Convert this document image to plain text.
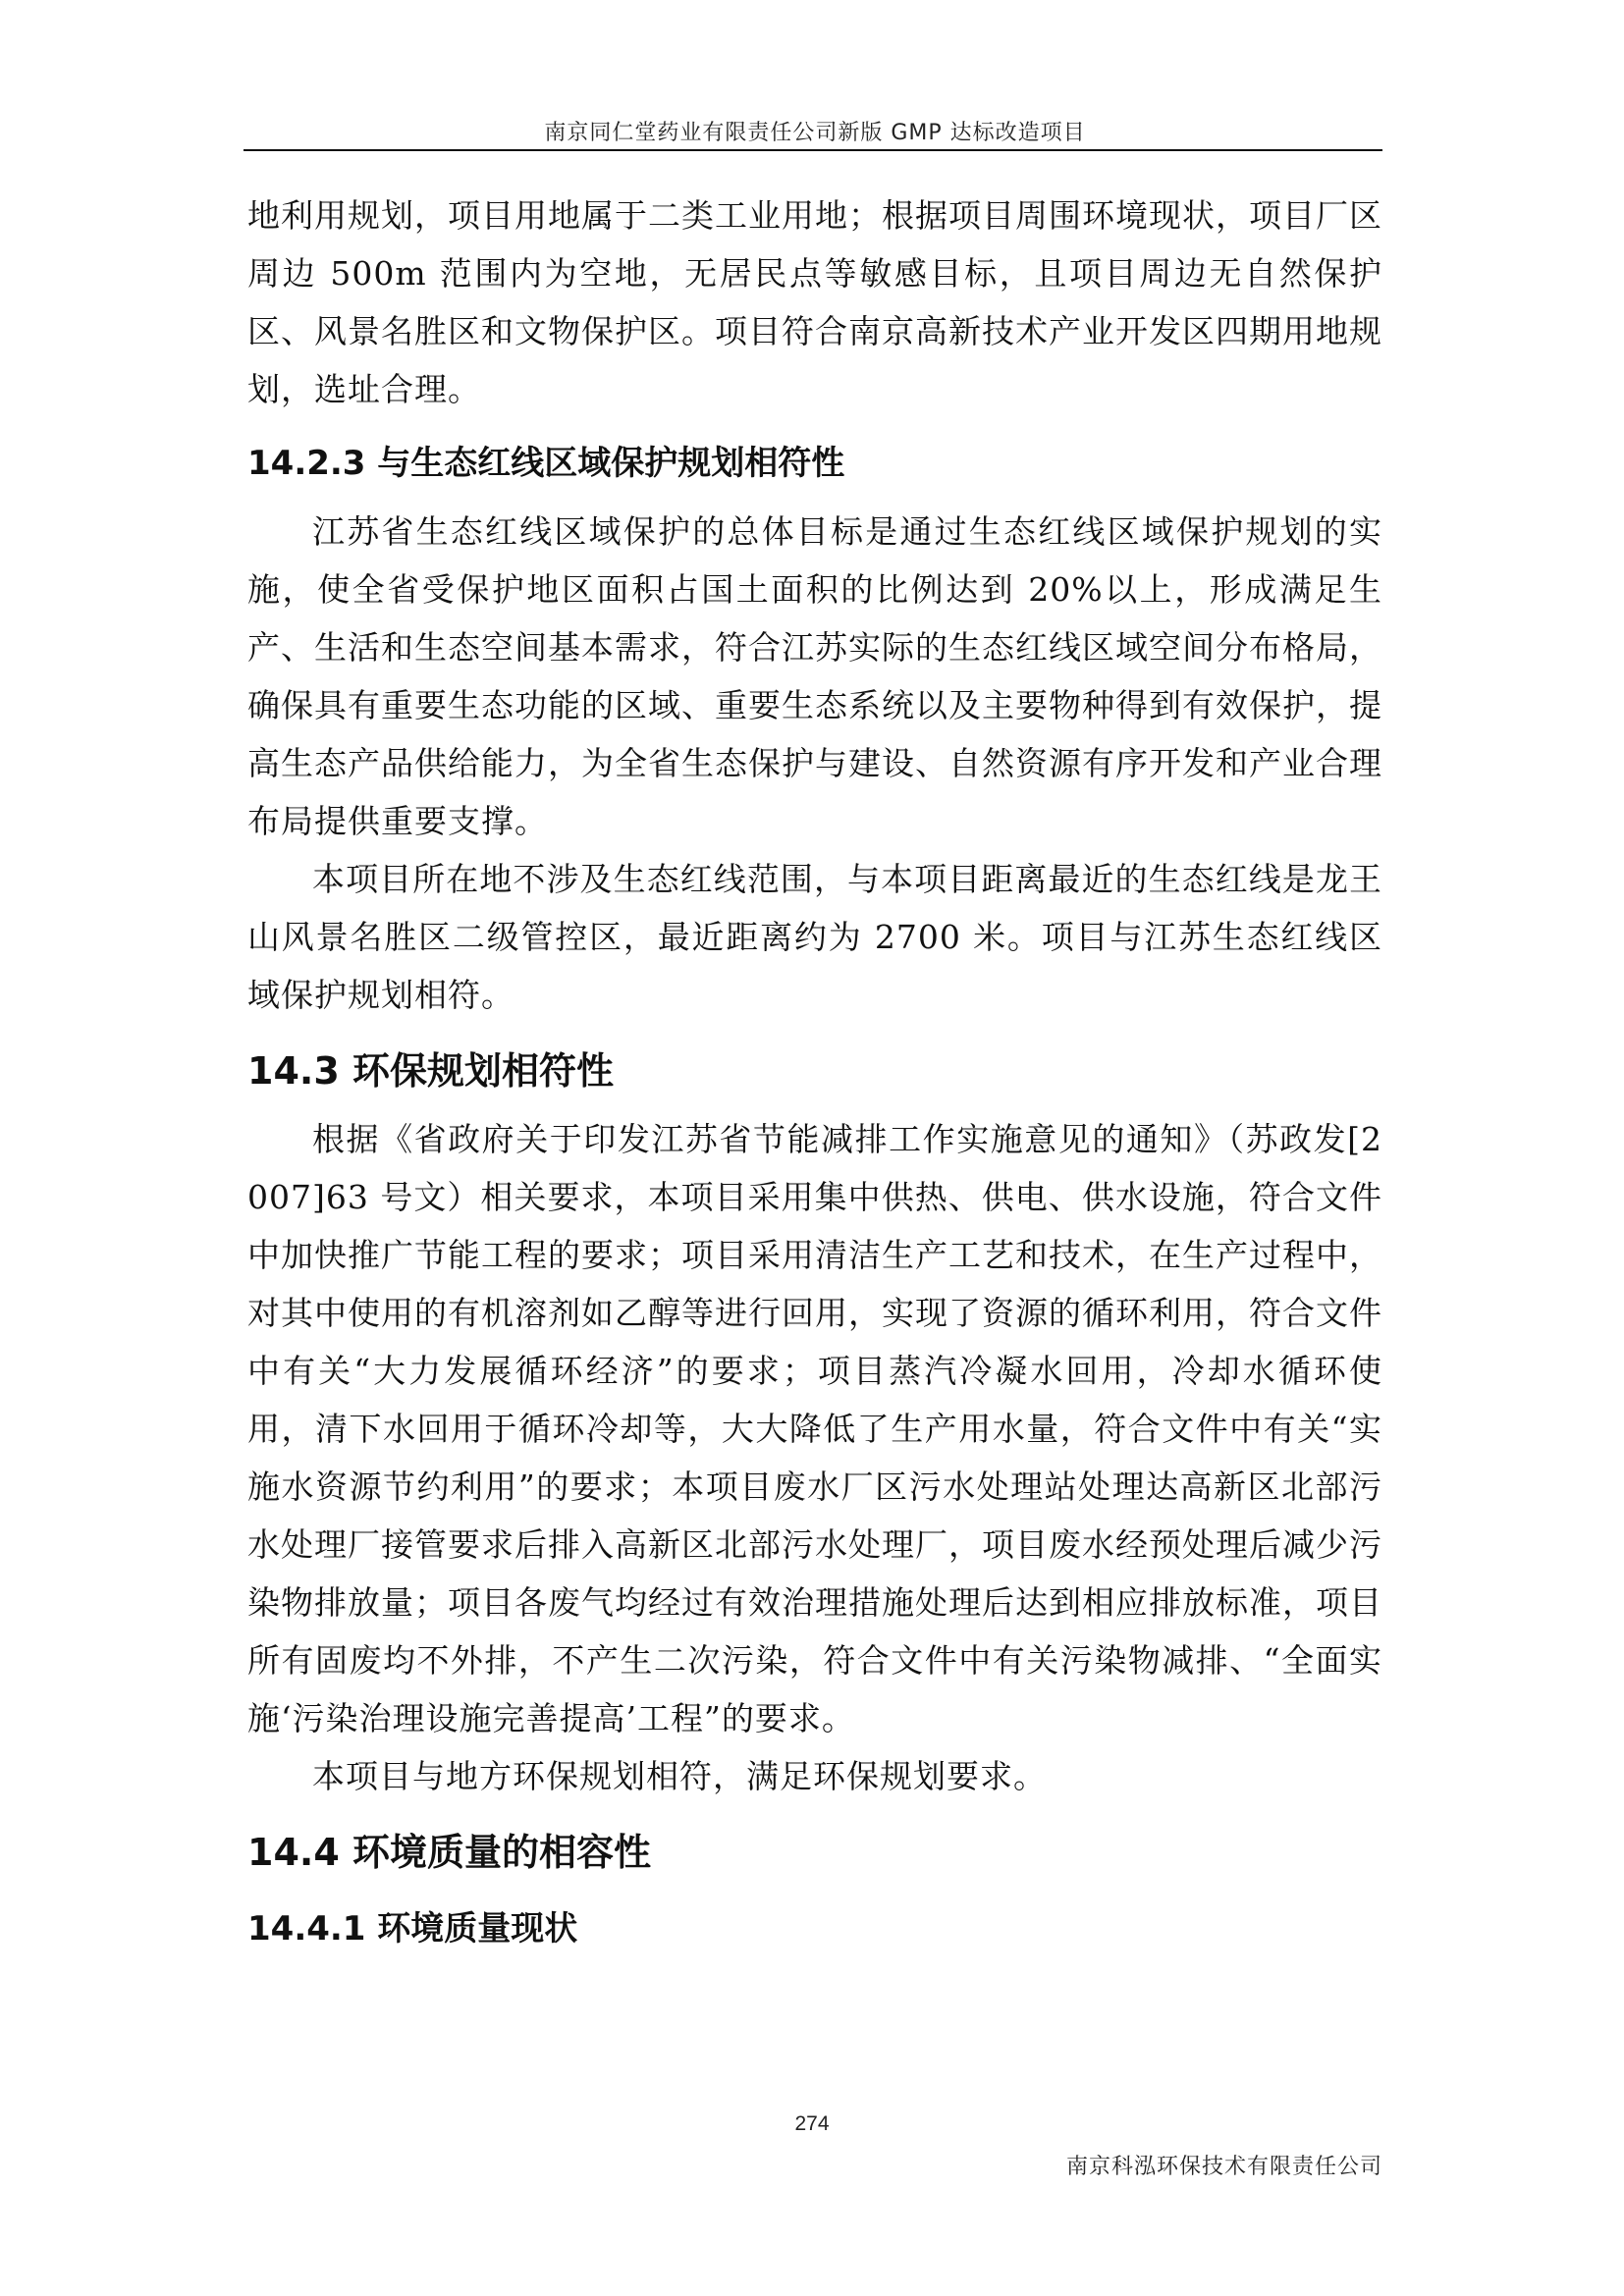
南京同仁堂药业有限责任公司新版 GMP 达标改造项目

地利用规划，项目用地属于二类工业用地；根据项目周围环境现状，项目厂区周边 500m 范围内为空地，无居民点等敏感目标，且项目周边无自然保护区、风景名胜区和文物保护区。项目符合南京高新技术产业开发区四期用地规划，选址合理。

14.2.3 与生态红线区域保护规划相符性

江苏省生态红线区域保护的总体目标是通过生态红线区域保护规划的实施，使全省受保护地区面积占国土面积的比例达到 20%以上，形成满足生产、生活和生态空间基本需求，符合江苏实际的生态红线区域空间分布格局，确保具有重要生态功能的区域、重要生态系统以及主要物种得到有效保护，提高生态产品供给能力，为全省生态保护与建设、自然资源有序开发和产业合理布局提供重要支撑。

本项目所在地不涉及生态红线范围，与本项目距离最近的生态红线是龙王山风景名胜区二级管控区，最近距离约为 2700 米。项目与江苏生态红线区域保护规划相符。

14.3 环保规划相符性

根据《省政府关于印发江苏省节能减排工作实施意见的通知》（苏政发[2007]63 号文）相关要求，本项目采用集中供热、供电、供水设施，符合文件中加快推广节能工程的要求；项目采用清洁生产工艺和技术，在生产过程中，对其中使用的有机溶剂如乙醇等进行回用，实现了资源的循环利用，符合文件中有关“大力发展循环经济”的要求；项目蒸汽冷凝水回用，冷却水循环使用，清下水回用于循环冷却等，大大降低了生产用水量，符合文件中有关“实施水资源节约利用”的要求；本项目废水厂区污水处理站处理达高新区北部污水处理厂接管要求后排入高新区北部污水处理厂，项目废水经预处理后减少污染物排放量；项目各废气均经过有效治理措施处理后达到相应排放标准，项目所有固废均不外排，不产生二次污染，符合文件中有关污染物减排、“全面实施‘污染治理设施完善提高’工程”的要求。

本项目与地方环保规划相符，满足环保规划要求。

14.4 环境质量的相容性
14.4.1 环境质量现状
274
南京科泓环保技术有限责任公司
